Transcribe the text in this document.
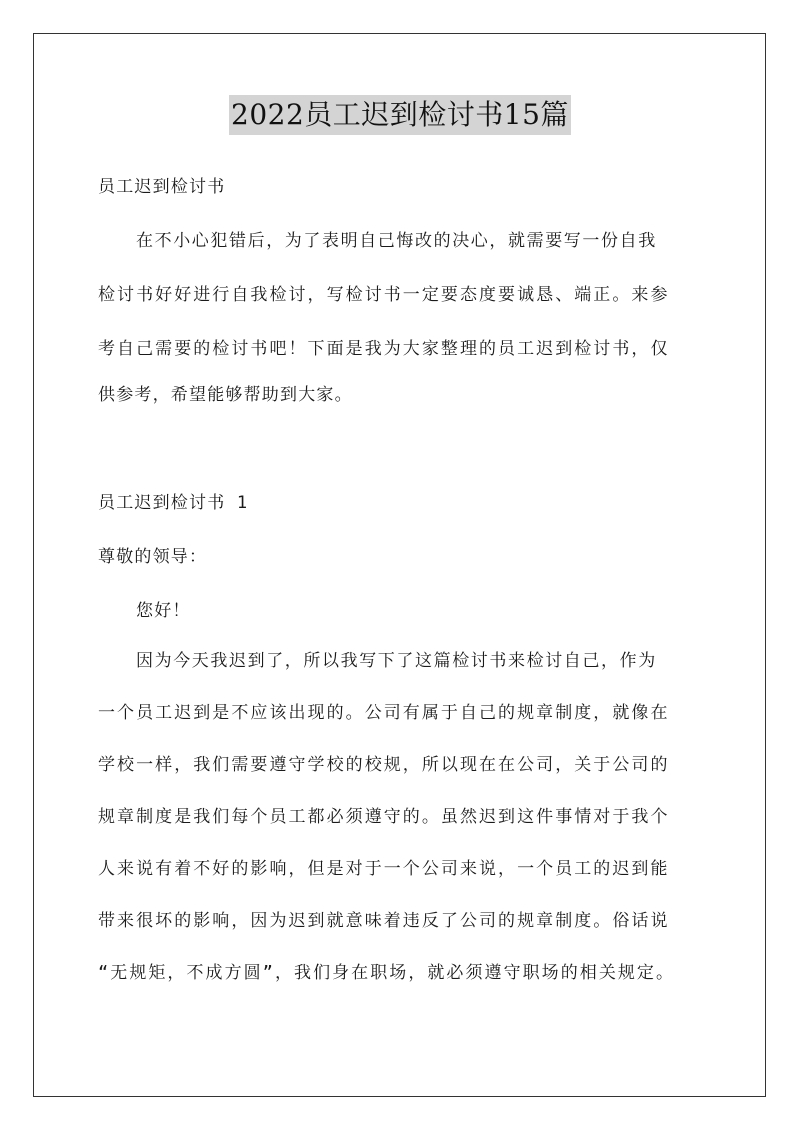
2022员工迟到检讨书15篇
员工迟到检讨书
在不小心犯错后，为了表明自己悔改的决心，就需要写一份自我
检讨书好好进行自我检讨，写检讨书一定要态度要诚恳、端正。来参
考自己需要的检讨书吧！下面是我为大家整理的员工迟到检讨书，仅
供参考，希望能够帮助到大家。
员工迟到检讨书 1
尊敬的领导：
您好！
因为今天我迟到了，所以我写下了这篇检讨书来检讨自己，作为
一个员工迟到是不应该出现的。公司有属于自己的规章制度，就像在
学校一样，我们需要遵守学校的校规，所以现在在公司，关于公司的
规章制度是我们每个员工都必须遵守的。虽然迟到这件事情对于我个
人来说有着不好的影响，但是对于一个公司来说，一个员工的迟到能
带来很坏的影响，因为迟到就意味着违反了公司的规章制度。俗话说
“无规矩，不成方圆”，我们身在职场，就必须遵守职场的相关规定。
